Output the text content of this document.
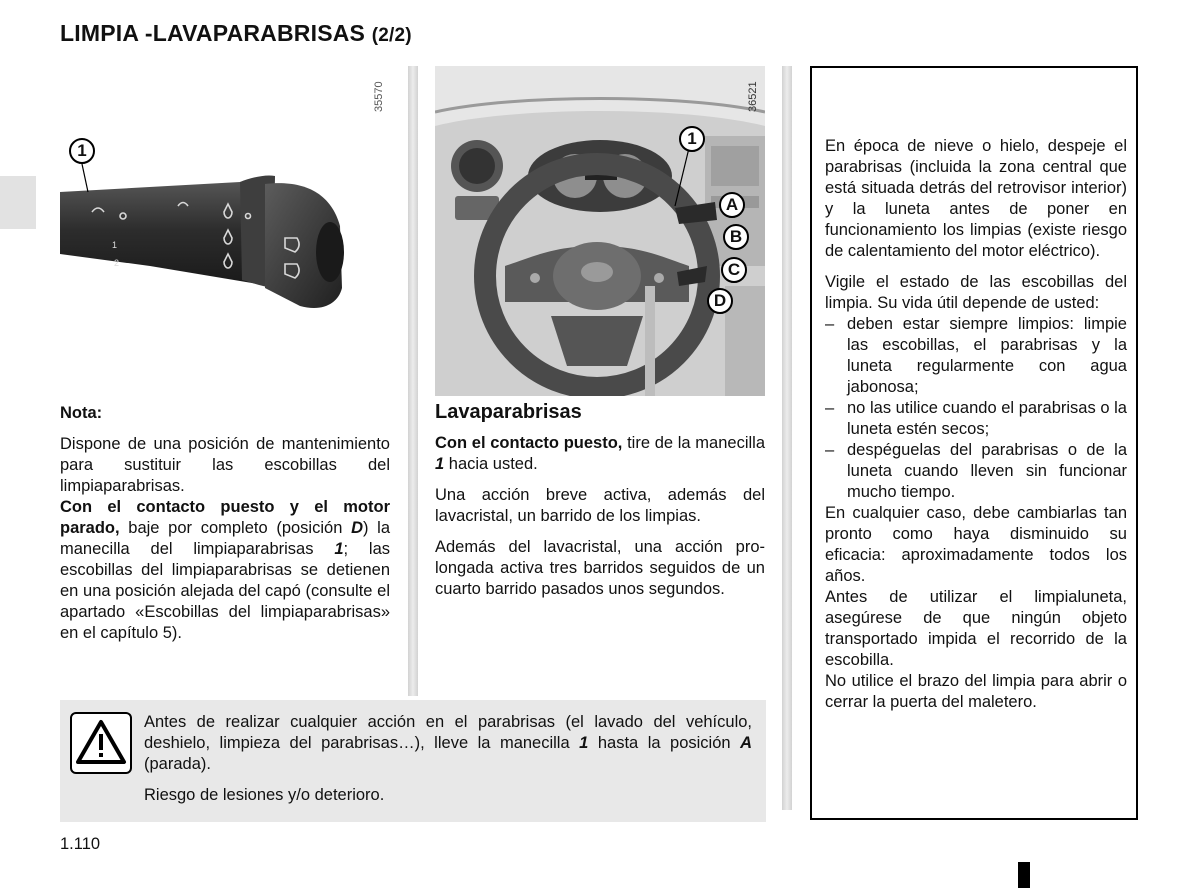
LIMPIA -LAVAPARABRISAS (2/2)
1
2
1
35570

Nota:

Dispone de una posición de mantenimiento para sustituir las escobillas del limpiaparabrisas.

Con el contacto puesto y el motor parado, baje por completo (posición D) la manecilla del limpiaparabrisas 1; las escobillas del limpiaparabrisas se detienen en una posición alejada del capó (consulte el apartado «Escobillas del limpiaparabrisas» en el capítulo 5).

1
A
B
C
D
36521
Lavaparabrisas

Con el contacto puesto, tire de la manecilla 1 hacia usted.

Una acción breve activa, además del lavacristal, un barrido de los limpias.

Además del lavacristal, una acción prolongada activa tres barridos seguidos de un cuarto barrido pasados unos segundos.

En época de nieve o hielo, despeje el parabrisas (incluida la zona central que está situada detrás del retrovisor interior) y la luneta antes de poner en funcionamiento los limpias (existe riesgo de calentamiento del motor eléctrico).

Vigile el estado de las escobillas del limpia. Su vida útil depende de usted:

– deben estar siempre limpios: limpie las escobillas, el parabrisas y la luneta regularmente con agua jabonosa;
– no las utilice cuando el parabrisas o la luneta estén secos;
– despéguelas del parabrisas o de la luneta cuando lleven sin funcionar mucho tiempo.

En cualquier caso, debe cambiarlas tan pronto como haya disminuido su eficacia: aproximadamente todos los años.

Antes de utilizar el limpialuneta, asegúrese de que ningún objeto transportado impida el recorrido de la escobilla.

No utilice el brazo del limpia para abrir o cerrar la puerta del maletero.

Antes de realizar cualquier acción en el parabrisas (el lavado del vehículo, deshielo, limpieza del parabrisas…), lleve la manecilla 1 hasta la posición A (parada).

Riesgo de lesiones y/o deterioro.

1.110
